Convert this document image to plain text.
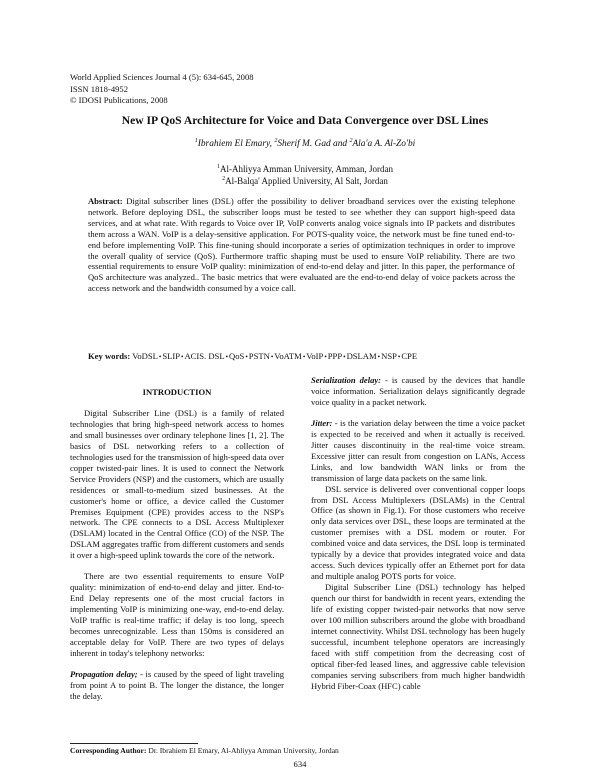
World Applied Sciences Journal 4 (5): 634-645, 2008
ISSN 1818-4952
© IDOSI Publications, 2008
New IP QoS Architecture for Voice and Data Convergence over DSL Lines
$^1$Ibrahiem El Emary, $^2$Sherif M. Gad and $^2$Ala'a A. Al-Zo'bi
$^1$Al-Ahliyya Amman University, Amman, Jordan
$^2$Al-Balqa' Applied University, Al Salt, Jordan
Abstract: Digital subscriber lines (DSL) offer the possibility to deliver broadband services over the existing telephone network. Before deploying DSL, the subscriber loops must be tested to see whether they can support high-speed data services, and at what rate. With regards to Voice over IP, VoIP converts analog voice signals into IP packets and distributes them across a WAN. VoIP is a delay-sensitive application. For POTS-quality voice, the network must be fine tuned end-to-end before implementing VoIP. This fine-tuning should incorporate a series of optimization techniques in order to improve the overall quality of service (QoS). Furthermore traffic shaping must be used to ensure VoIP reliability. There are two essential requirements to ensure VoIP quality: minimization of end-to-end delay and jitter. In this paper, the performance of QoS architecture was analyzed.. The basic metrics that were evaluated are the end-to-end delay of voice packets across the access network and the bandwidth consumed by a voice call.
Key words: VoDSL•SLIP•ACIS. DSL•QoS•PSTN•VoATM•VoIP•PPP•DSLAM•NSP•CPE

INTRODUCTION

Digital Subscriber Line (DSL) is a family of related technologies that bring high-speed network access to homes and small businesses over ordinary telephone lines [1, 2]. The basics of DSL networking refers to a collection of technologies used for the transmission of high-speed data over copper twisted-pair lines. It is used to connect the Network Service Providers (NSP) and the customers, which are usually residences or small-to-medium sized businesses. At the customer's home or office, a device called the Customer Premises Equipment (CPE) provides access to the NSP's network. The CPE connects to a DSL Access Multiplexer (DSLAM) located in the Central Office (CO) of the NSP. The DSLAM aggregates traffic from different customers and sends it over a high-speed uplink towards the core of the network.

There are two essential requirements to ensure VoIP quality: minimization of end-to-end delay and jitter. End-to-End Delay represents one of the most crucial factors in implementing VoIP is minimizing one-way, end-to-end delay. VoIP traffic is real-time traffic; if delay is too long, speech becomes unrecognizable. Less than 150ms is considered an acceptable delay for VoIP. There are two types of delays inherent in today's telephony networks:

Propagation delay; - is caused by the speed of light traveling from point A to point B. The longer the distance, the longer the delay.

Serialization delay: - is caused by the devices that handle voice information. Serialization delays significantly degrade voice quality in a packet network.

Jitter: - is the variation delay between the time a voice packet is expected to be received and when it actually is received. Jitter causes discontinuity in the real-time voice stream. Excessive jitter can result from congestion on LANs, Access Links, and low bandwidth WAN links or from the transmission of large data packets on the same link.

DSL service is delivered over conventional copper loops from DSL Access Multiplexers (DSLAMs) in the Central Office (as shown in Fig.1). For those customers who receive only data services over DSL, these loops are terminated at the customer premises with a DSL modem or router. For combined voice and data services, the DSL loop is terminated typically by a device that provides integrated voice and data access. Such devices typically offer an Ethernet port for data and multiple analog POTS ports for voice.

Digital Subscriber Line (DSL) technology has helped quench our thirst for bandwidth in recent years, extending the life of existing copper twisted-pair networks that now serve over 100 million subscribers around the globe with broadband internet connectivity. Whilst DSL technology has been hugely successful, incumbent telephone operators are increasingly faced with stiff competition from the decreasing cost of optical fiber-fed leased lines, and aggressive cable television companies serving subscribers from much higher bandwidth Hybrid Fiber-Coax (HFC) cable

Corresponding Author: Dr. Ibrahiem El Emary, Al-Ahliyya Amman University, Jordan
634
